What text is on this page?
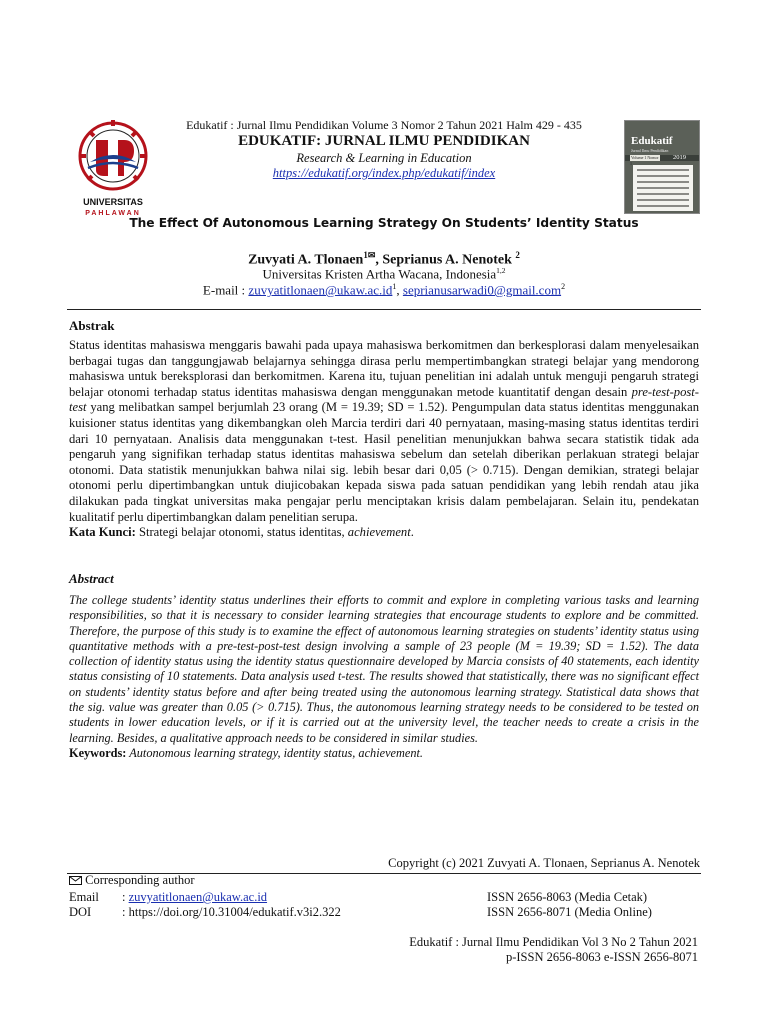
UNIVERSITAS
PAHLAWAN
Edukatif : Jurnal Ilmu Pendidikan Volume 3 Nomor 2 Tahun 2021 Halm 429 - 435
EDUKATIF: JURNAL ILMU PENDIDIKAN
Research & Learning in Education
https://edukatif.org/index.php/edukatif/index
Edukatif
Jurnal Ilmu Pendidikan
Volume 1 Nomor 1
2019
The Effect Of Autonomous Learning Strategy On Students’ Identity Status
Zuvyati A. Tlonaen$^{1✉}$, Seprianus A. Nenotek $^2$
Universitas Kristen Artha Wacana, Indonesia$^{1,2}$
E-mail : $zuvyatitlonaen@ukaw.ac.id^1$, seprianusarwadi0@gmail.com$^2$
Abstrak
Status identitas mahasiswa menggaris bawahi pada upaya mahasiswa berkomitmen dan berkesplorasi dalam menyelesaikan berbagai tugas dan tanggungjawab belajarnya sehingga dirasa perlu mempertimbangkan strategi belajar yang mendorong mahasiswa untuk bereksplorasi dan berkomitmen. Karena itu, tujuan penelitian ini adalah untuk menguji pengaruh strategi belajar otonomi terhadap status identitas mahasiswa dengan menggunakan metode kuantitatif dengan desain pre-test-post-test yang melibatkan sampel berjumlah 23 orang (M = 19.39; SD = 1.52). Pengumpulan data status identitas menggunakan kuisioner status identitas yang dikembangkan oleh Marcia terdiri dari 40 pernyataan, masing-masing status identitas terdiri dari 10 pernyataan. Analisis data menggunakan t-test. Hasil penelitian menunjukkan bahwa secara statistik tidak ada pengaruh yang signifikan terhadap status identitas mahasiswa sebelum dan setelah diberikan perlakuan strategi belajar otonomi. Data statistik menunjukkan bahwa nilai sig. lebih besar dari 0,05 (> 0.715). Dengan demikian, strategi belajar otonomi perlu dipertimbangkan untuk diujicobakan kepada siswa pada satuan pendidikan yang lebih rendah atau jika dilakukan pada tingkat universitas maka pengajar perlu menciptakan krisis dalam pembelajaran. Selain itu, pendekatan kualitatif perlu dipertimbangkan dalam penelitian serupa.
Kata Kunci: Strategi belajar otonomi, status identitas, achievement.
Abstract
The college students’ identity status underlines their efforts to commit and explore in completing various tasks and learning responsibilities, so that it is necessary to consider learning strategies that encourage students to explore and be committed. Therefore, the purpose of this study is to examine the effect of autonomous learning strategies on students’ identity status using quantitative methods with a pre-test-post-test design involving a sample of 23 people (M = 19.39; SD = 1.52). The data collection of identity status using the identity status questionnaire developed by Marcia consists of 40 statements, each identity status consisting of 10 statements. Data analysis used t-test. The results showed that statistically, there was no significant effect on students’ identity status before and after being treated using the autonomous learning strategy. Statistical data shows that the sig. value was greater than 0.05 (> 0.715). Thus, the autonomous learning strategy needs to be considered to be tested on students in lower education levels, or if it is carried out at the university level, the teacher needs to create a crisis in the learning. Besides, a qualitative approach needs to be considered in similar studies.
Keywords: Autonomous learning strategy, identity status, achievement.
Copyright (c) 2021 Zuvyati A. Tlonaen, Seprianus A. Nenotek
Corresponding author
Email : zuvyatitlonaen@ukaw.ac.id
DOI : https://doi.org/10.31004/edukatif.v3i2.322
ISSN 2656-8063 (Media Cetak)
ISSN 2656-8071 (Media Online)
Edukatif : Jurnal Ilmu Pendidikan Vol 3 No 2 Tahun 2021
p-ISSN 2656-8063 e-ISSN 2656-8071
